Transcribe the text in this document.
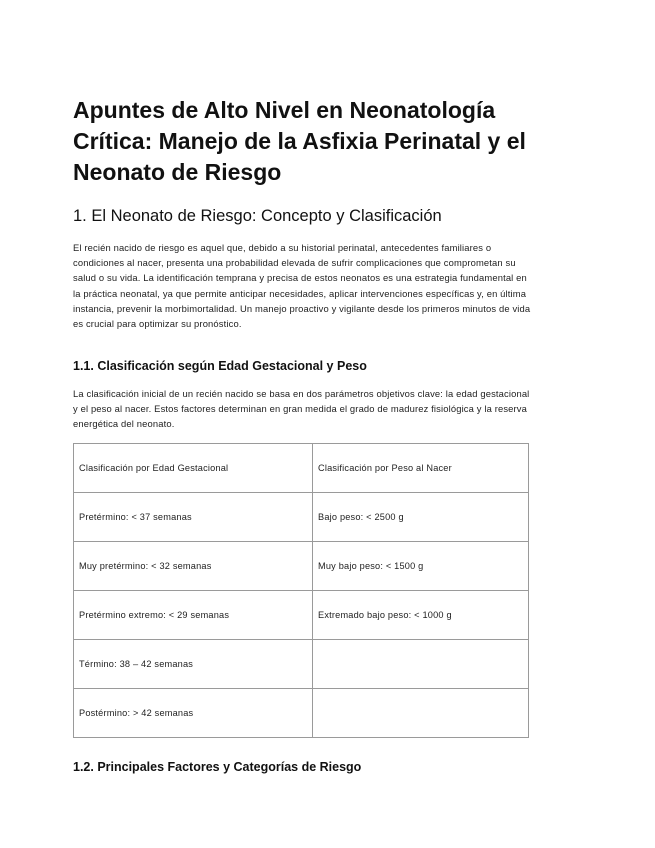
Apuntes de Alto Nivel en Neonatología Crítica: Manejo de la Asfixia Perinatal y el Neonato de Riesgo
1. El Neonato de Riesgo: Concepto y Clasificación

El recién nacido de riesgo es aquel que, debido a su historial perinatal, antecedentes familiares o condiciones al nacer, presenta una probabilidad elevada de sufrir complicaciones que comprometan su salud o su vida. La identificación temprana y precisa de estos neonatos es una estrategia fundamental en la práctica neonatal, ya que permite anticipar necesidades, aplicar intervenciones específicas y, en última instancia, prevenir la morbimortalidad. Un manejo proactivo y vigilante desde los primeros minutos de vida es crucial para optimizar su pronóstico.

1.1. Clasificación según Edad Gestacional y Peso

La clasificación inicial de un recién nacido se basa en dos parámetros objetivos clave: la edad gestacional y el peso al nacer. Estos factores determinan en gran medida el grado de madurez fisiológica y la reserva energética del neonato.

Clasificación por Edad Gestacional	Clasificación por Peso al Nacer
Pretérmino: < 37 semanas	Bajo peso: < 2500 g
Muy pretérmino: < 32 semanas	Muy bajo peso: < 1500 g
Pretérmino extremo: < 29 semanas	Extremado bajo peso: < 1000 g
Término: 38 – 42 semanas	
Postérmino: > 42 semanas	
1.2. Principales Factores y Categorías de Riesgo
